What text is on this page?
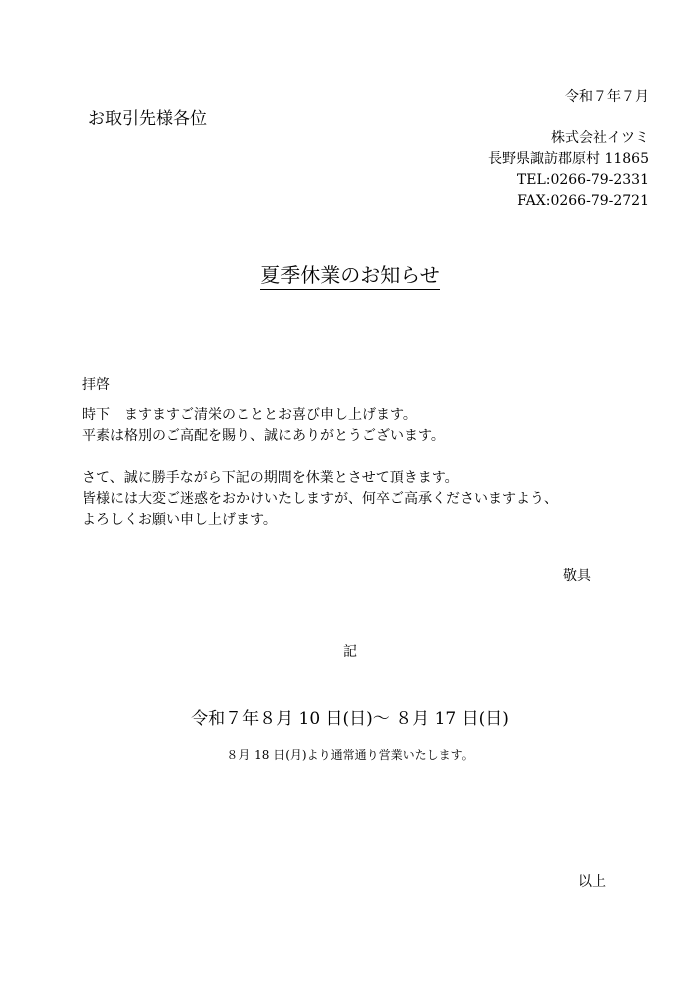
令和７年７月
お取引先様各位
株式会社イツミ
長野県諏訪郡原村 11865
TEL:0266-79-2331
FAX:0266-79-2721
夏季休業のお知らせ
拝啓
時下　ますますご清栄のこととお喜び申し上げます。
平素は格別のご高配を賜り、誠にありがとうございます。
さて、誠に勝手ながら下記の期間を休業とさせて頂きます。
皆様には大変ご迷惑をおかけいたしますが、何卒ご高承くださいますよう、
よろしくお願い申し上げます。
敬具
記
令和７年８月 10 日(日)～ ８月 17 日(日)
８月 18 日(月)より通常通り営業いたします。
以上
